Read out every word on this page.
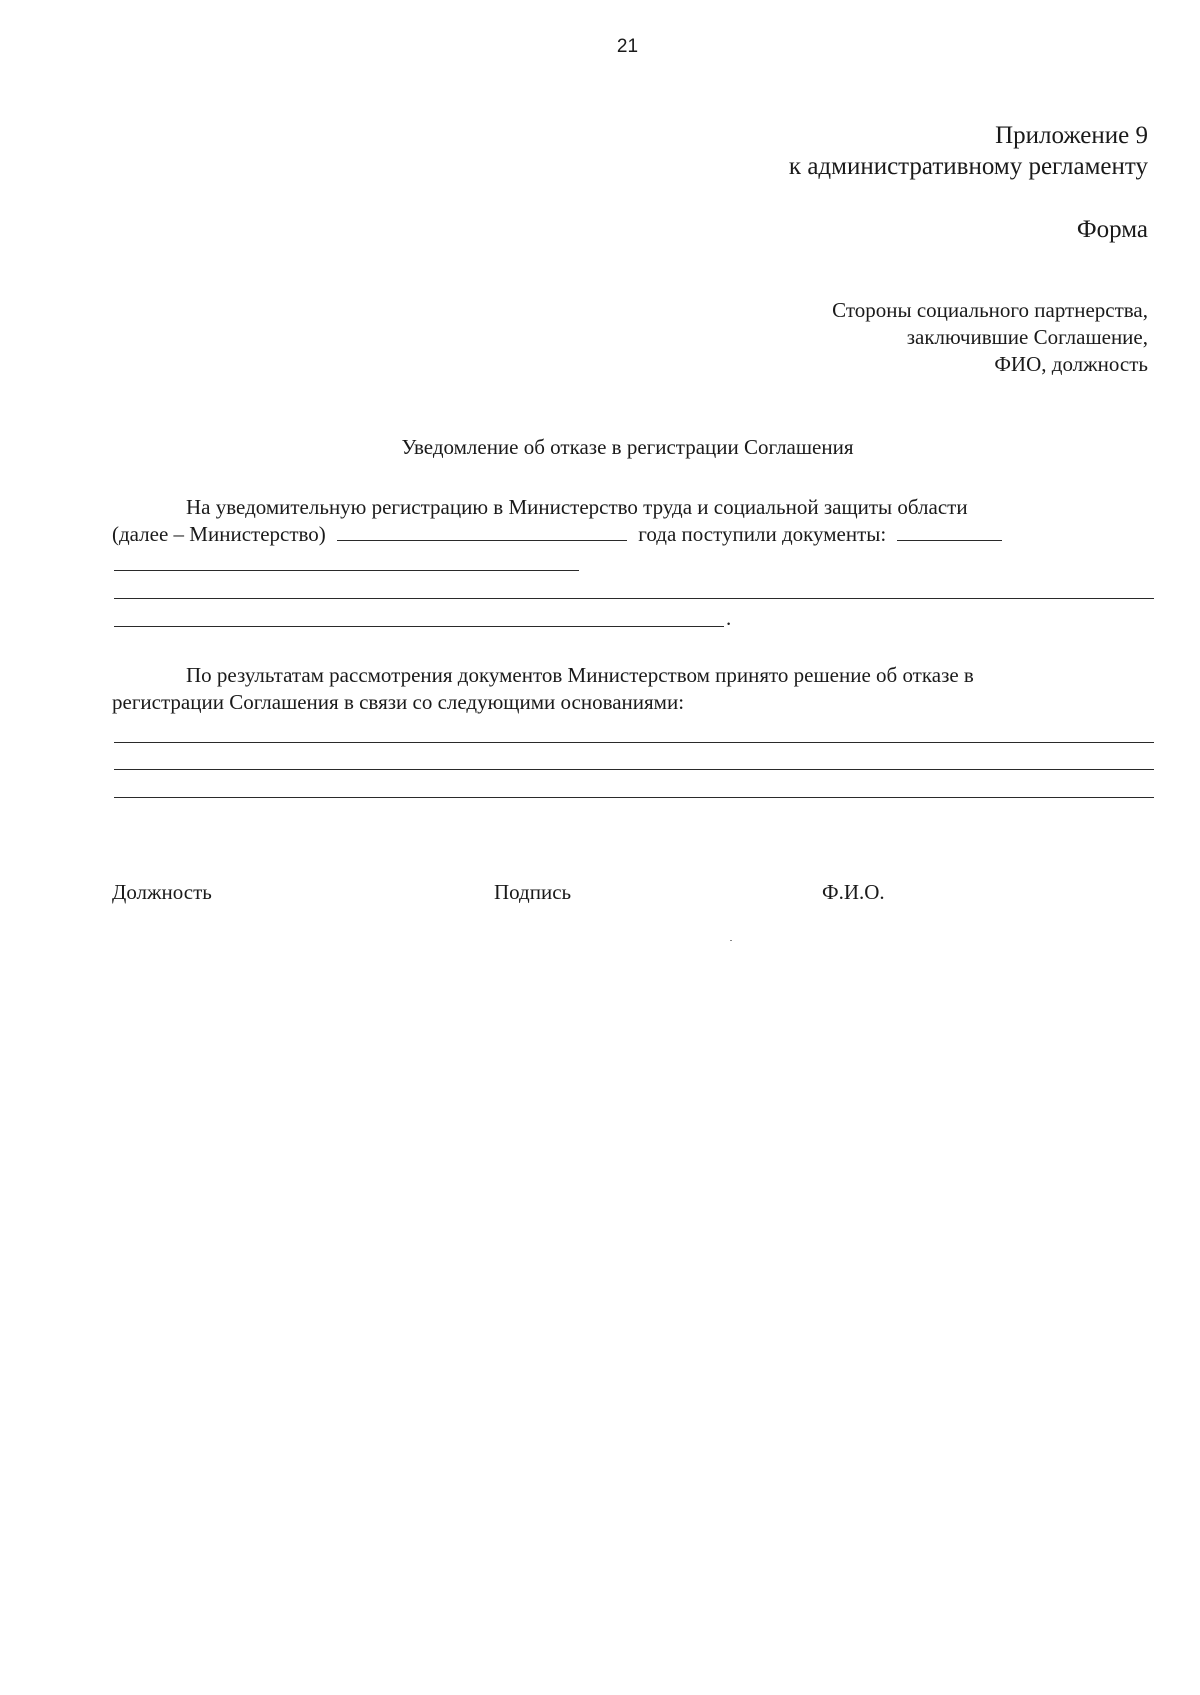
21
Приложение 9
к административному регламенту
Форма
Стороны социального партнерства,
заключившие Соглашение,
ФИО, должность
Уведомление об отказе в регистрации Соглашения
На уведомительную регистрацию в Министерство труда и социальной защиты области
(далее – Министерство)	года поступили документы:
.
По результатам рассмотрения документов Министерством принято решение об отказе в
регистрации Соглашения в связи со следующими основаниями:
Должность	Подпись	Ф.И.О.
